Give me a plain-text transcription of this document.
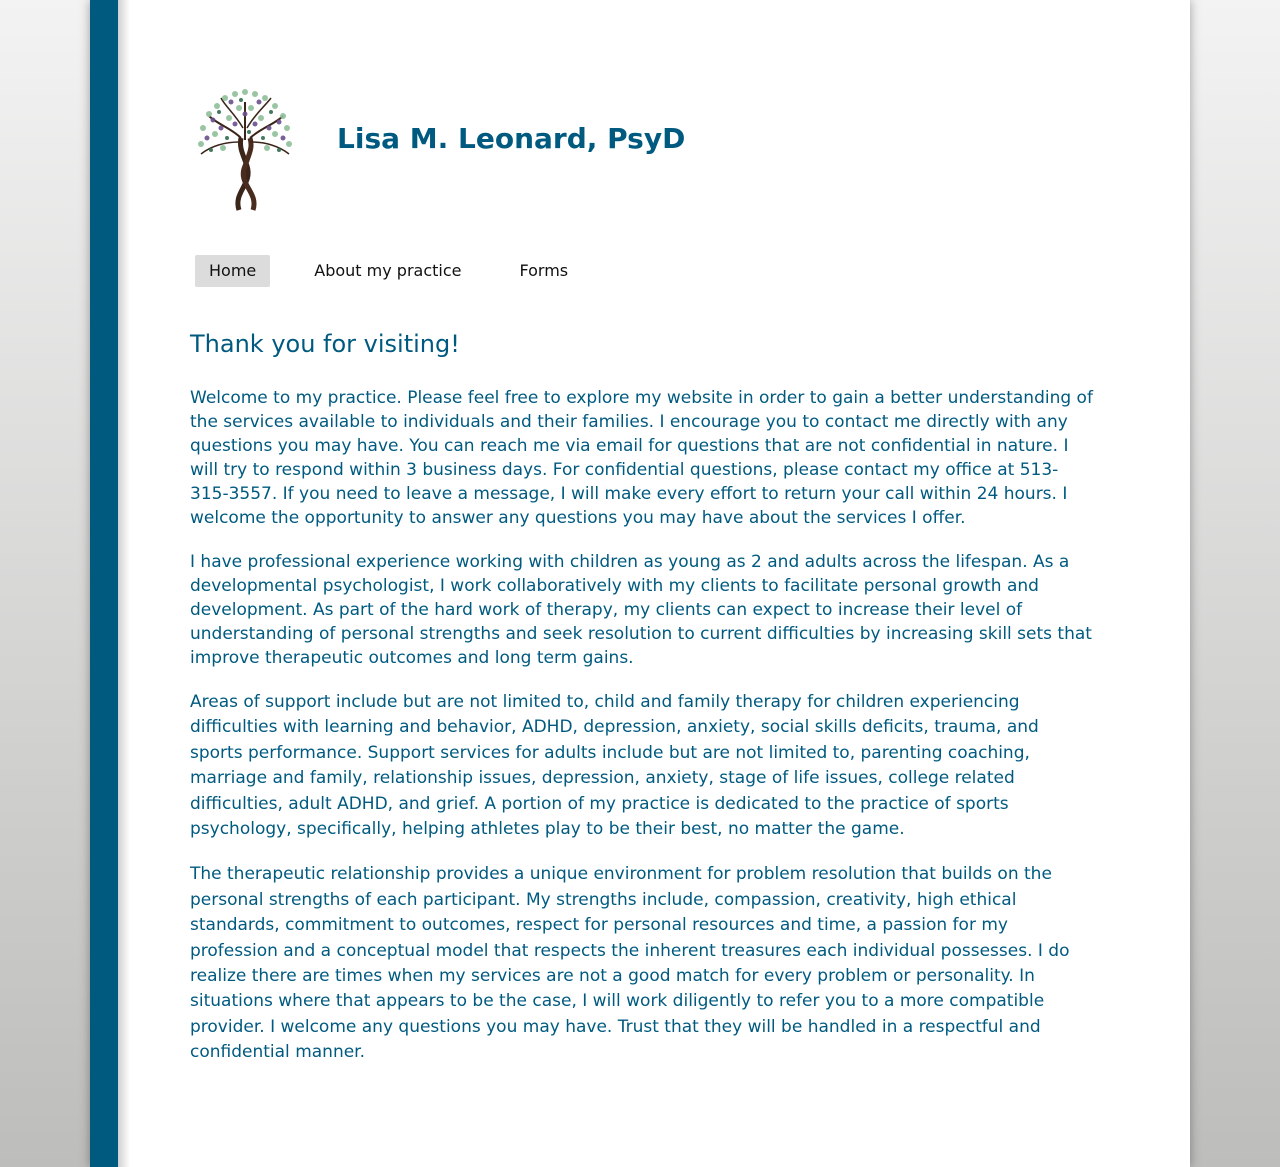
Lisa M. Leonard, PsyD
Home	About my practice	Forms
Thank you for visiting!

Welcome to my practice. Please feel free to explore my website in order to gain a better understanding of the services available to individuals and their families. I encourage you to contact me directly with any questions you may have. You can reach me via email for questions that are not confidential in nature. I will try to respond within 3 business days. For confidential questions, please contact my office at 513-315-3557. If you need to leave a message, I will make every effort to return your call within 24 hours. I welcome the opportunity to answer any questions you may have about the services I offer.

I have professional experience working with children as young as 2 and adults across the lifespan. As a developmental psychologist, I work collaboratively with my clients to facilitate personal growth and development. As part of the hard work of therapy, my clients can expect to increase their level of understanding of personal strengths and seek resolution to current difficulties by increasing skill sets that improve therapeutic outcomes and long term gains.

Areas of support include but are not limited to, child and family therapy for children experiencing difficulties with learning and behavior, ADHD, depression, anxiety, social skills deficits, trauma, and sports performance. Support services for adults include but are not limited to, parenting coaching, marriage and family, relationship issues, depression, anxiety, stage of life issues, college related difficulties, adult ADHD, and grief. A portion of my practice is dedicated to the practice of sports psychology, specifically, helping athletes play to be their best, no matter the game.

The therapeutic relationship provides a unique environment for problem resolution that builds on the personal strengths of each participant. My strengths include, compassion, creativity, high ethical standards, commitment to outcomes, respect for personal resources and time, a passion for my profession and a conceptual model that respects the inherent treasures each individual possesses. I do realize there are times when my services are not a good match for every problem or personality. In situations where that appears to be the case, I will work diligently to refer you to a more compatible provider. I welcome any questions you may have. Trust that they will be handled in a respectful and confidential manner.
